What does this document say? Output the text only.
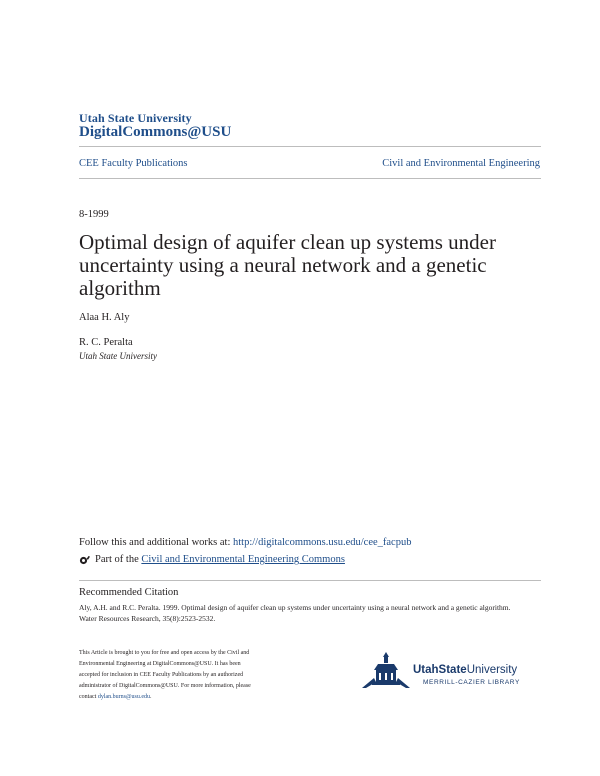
Utah State University
DigitalCommons@USU
CEE Faculty Publications	Civil and Environmental Engineering
8-1999
Optimal design of aquifer clean up systems under uncertainty using a neural network and a genetic algorithm
Alaa H. Aly
R. C. Peralta
Utah State University
Follow this and additional works at: http://digitalcommons.usu.edu/cee_facpub
Part of the
Civil and Environmental Engineering Commons
Recommended Citation
Aly, A.H. and R.C. Peralta. 1999. Optimal design of aquifer clean up systems under uncertainty using a neural network and a genetic algorithm. Water Resources Research, 35(8):2523-2532.
This Article is brought to you for free and open access by the Civil and
Environmental Engineering at DigitalCommons@USU. It has been
accepted for inclusion in CEE Faculty Publications by an authorized
administrator of DigitalCommons@USU. For more information, please
contact dylan.burns@usu.edu.
UtahStateUniversity
MERRILL-CAZIER LIBRARY
